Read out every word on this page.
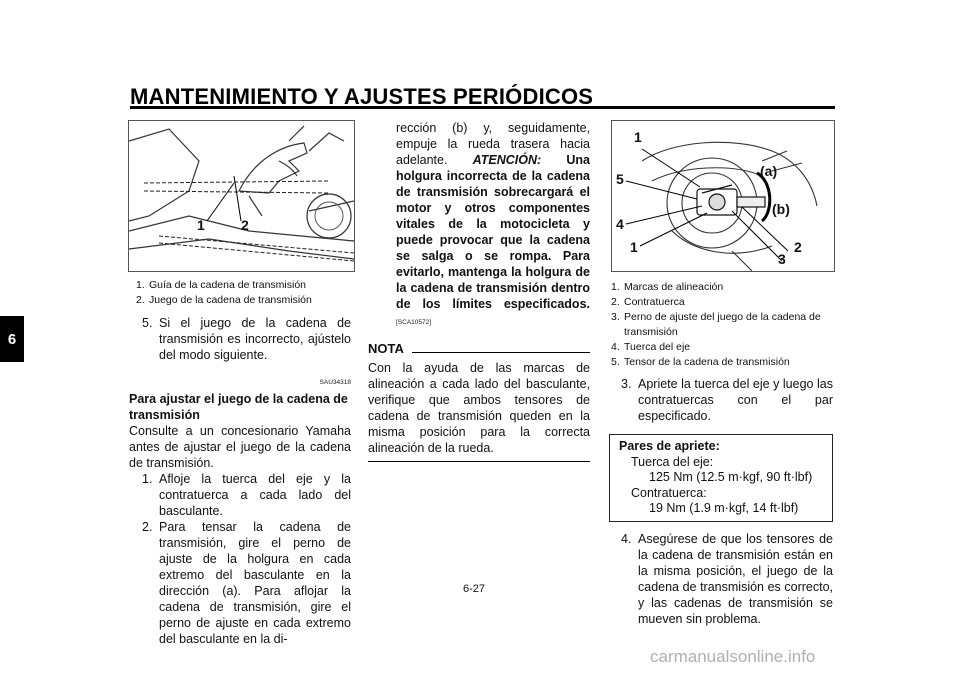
MANTENIMIENTO Y AJUSTES PERIÓDICOS
6
1	2
1. Guía de la cadena de transmisión
2. Juego de la cadena de transmisión
5. Si el juego de la cadena de transmisión es incorrecto, ajústelo del modo siguiente.
SAU34318
Para ajustar el juego de la cadena de transmisión
Consulte a un concesionario Yamaha antes de ajustar el juego de la cadena de transmisión.
1. Afloje la tuerca del eje y la contratuerca a cada lado del basculante.
2. Para tensar la cadena de transmisión, gire el perno de ajuste de la holgura en cada extremo del basculante en la dirección (a). Para aflojar la cadena de transmisión, gire el perno de ajuste en cada extremo del basculante en la di-
rección (b) y, seguidamente, empuje la rueda trasera hacia adelante. ATENCIÓN: Una holgura incorrecta de la cadena de transmisión sobrecargará el motor y otros componentes vitales de la motocicleta y puede provocar que la cadena se salga o se rompa. Para evitarlo, mantenga la holgura de la cadena de transmisión dentro de los límites especificados.[SCA10572]
NOTA
Con la ayuda de las marcas de alineación a cada lado del basculante, verifique que ambos tensores de cadena de transmisión queden en la misma posición para la correcta alineación de la rueda.
1
5
4
1
(a)
(b)
2
3
1. Marcas de alineación
2. Contratuerca
3. Perno de ajuste del juego de la cadena de transmisión
4. Tuerca del eje
5. Tensor de la cadena de transmisión
3. Apriete la tuerca del eje y luego las contratuercas con el par especificado.
Pares de apriete:
Tuerca del eje:
125 Nm (12.5 m·kgf, 90 ft·lbf)
Contratuerca:
19 Nm (1.9 m·kgf, 14 ft·lbf)
4. Asegúrese de que los tensores de la cadena de transmisión están en la misma posición, el juego de la cadena de transmisión es correcto, y las cadenas de transmisión se mueven sin problema.
6-27
carmanualsonline.info
